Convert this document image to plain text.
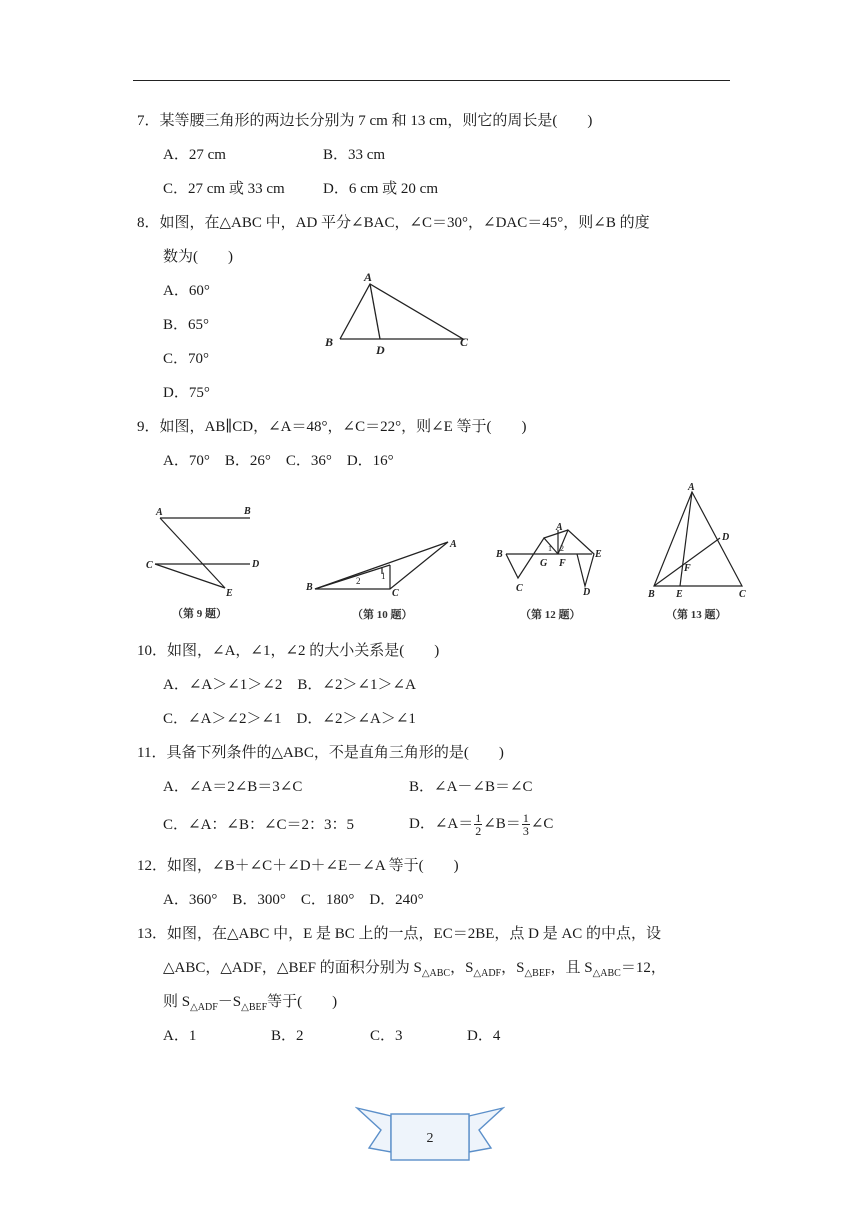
7．某等腰三角形的两边长分别为 7 cm 和 13 cm，则它的周长是(　　)
A．27 cm	B．33 cm
C．27 cm 或 33 cm	D．6 cm 或 20 cm
8．如图，在△ABC 中，AD 平分∠BAC，∠C＝30°，∠DAC＝45°，则∠B 的度
数为(　　)
A．60°
B．65°
C．70°
D．75°
A
B
D
C
9．如图，AB∥CD，∠A＝48°，∠C＝22°，则∠E 等于(　　)
A．70°　B．26°　C．36°　D．16°
A	B
C	D
E
（第 9 题）
A
B
C
1
2
（第 10 题）
A
B
C	D
E
F
G
1 2
（第 12 题）
A
B	C
D
E
F
（第 13 题）
10．如图，∠A，∠1，∠2 的大小关系是(　　)
A．∠A＞∠1＞∠2　B．∠2＞∠1＞∠A
C．∠A＞∠2＞∠1　D．∠2＞∠A＞∠1
11．具备下列条件的△ABC，不是直角三角形的是(　　)
A．∠A＝2∠B＝3∠C	B．∠A－∠B＝∠C
C．∠A：∠B：∠C＝2：3：5	D．∠A＝ $\frac{1}{2}$ ∠B＝ $\frac{1}{3}$ ∠C
12．如图，∠B＋∠C＋∠D＋∠E－∠A 等于(　　)
A．360°　B．300°　C．180°　D．240°
13．如图，在△ABC 中，E 是 BC 上的一点，EC＝2BE，点 D 是 AC 的中点，设
△ABC，△ADF，△BEF 的面积分别为 $S_{\triangle ABC}$，$S_{\triangle ADF}$，$S_{\triangle BEF}$，且 $S_{\triangle ABC}=12$，
则 $S_{\triangle ADF}-S_{\triangle BEF}$等于(　　)
A．1	B．2	C．3	D．4
2
